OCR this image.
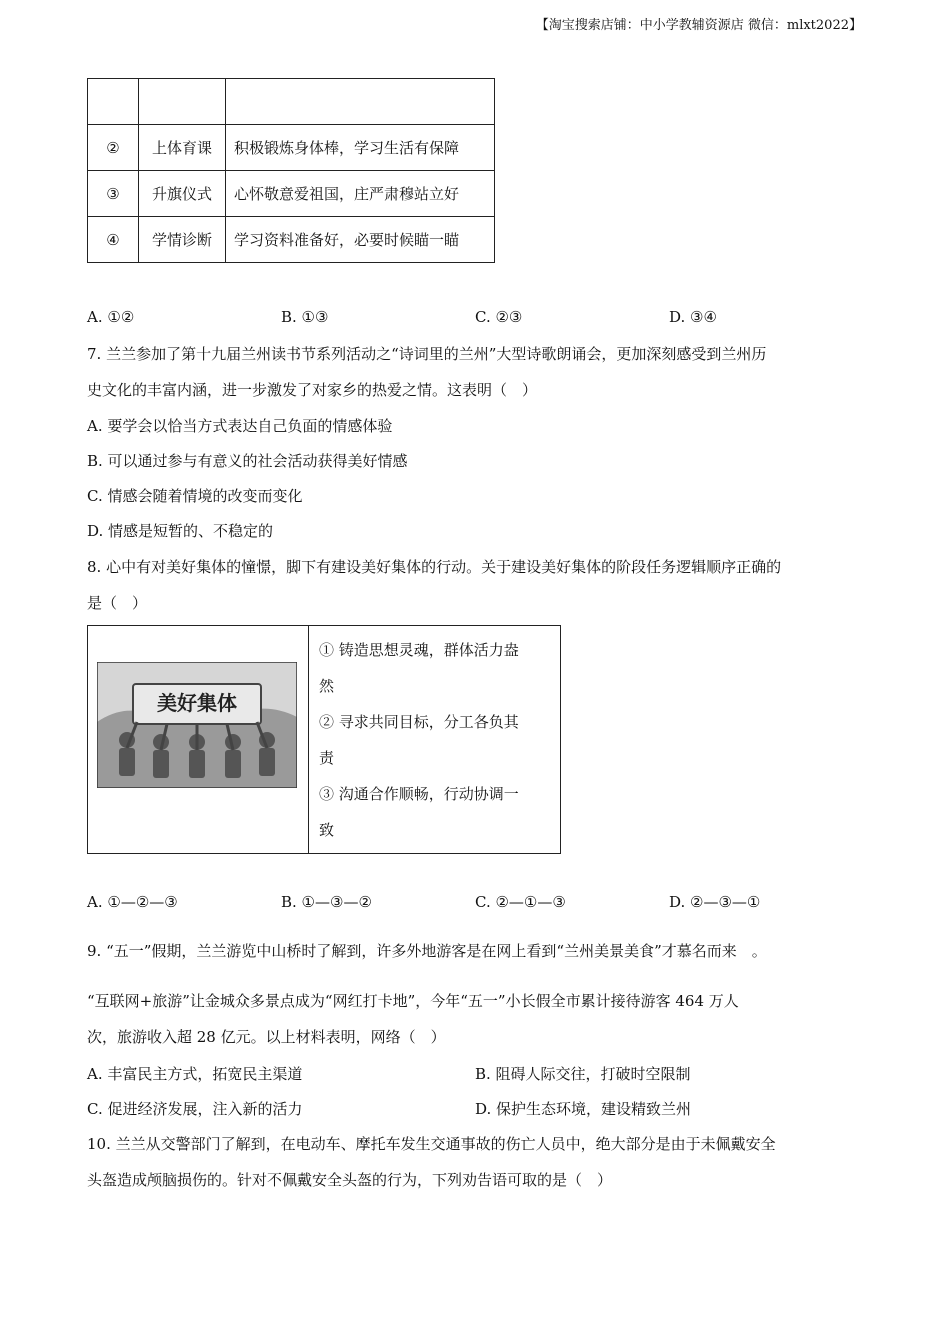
【淘宝搜索店铺：中小学教辅资源店 微信：mlxt2022】

②	上体育课	积极锻炼身体棒，学习生活有保障
③	升旗仪式	心怀敬意爱祖国，庄严肃穆站立好
④	学情诊断	学习资料准备好，必要时候瞄一瞄
A. ①②	B. ①③	C. ②③	D. ③④
7. 兰兰参加了第十九届兰州读书节系列活动之“诗词里的兰州”大型诗歌朗诵会，更加深刻感受到兰州历
史文化的丰富内涵，进一步激发了对家乡的热爱之情。这表明（　）
A. 要学会以恰当方式表达自己负面的情感体验
B. 可以通过参与有意义的社会活动获得美好情感
C. 情感会随着情境的改变而变化
D. 情感是短暂的、不稳定的
8. 心中有对美好集体的憧憬，脚下有建设美好集体的行动。关于建设美好集体的阶段任务逻辑顺序正确的
是（　）
美好集体
① 铸造思想灵魂，群体活力盎
然
② 寻求共同目标，分工各负其
责
③ 沟通合作顺畅，行动协调一
致
A. ①—②—③	B. ①—③—②	C. ②—①—③	D. ②—③—①
9. “五一”假期，兰兰游览中山桥时了解到，许多外地游客是在网上看到“兰州美景美食”才慕名而来　。
“互联网+旅游”让金城众多景点成为“网红打卡地”，今年“五一”小长假全市累计接待游客 464 万人
次，旅游收入超 28 亿元。以上材料表明，网络（　）
A. 丰富民主方式，拓宽民主渠道	B. 阻碍人际交往，打破时空限制
C. 促进经济发展，注入新的活力	D. 保护生态环境，建设精致兰州
10. 兰兰从交警部门了解到，在电动车、摩托车发生交通事故的伤亡人员中，绝大部分是由于未佩戴安全
头盔造成颅脑损伤的。针对不佩戴安全头盔的行为，下列劝告语可取的是（　）
